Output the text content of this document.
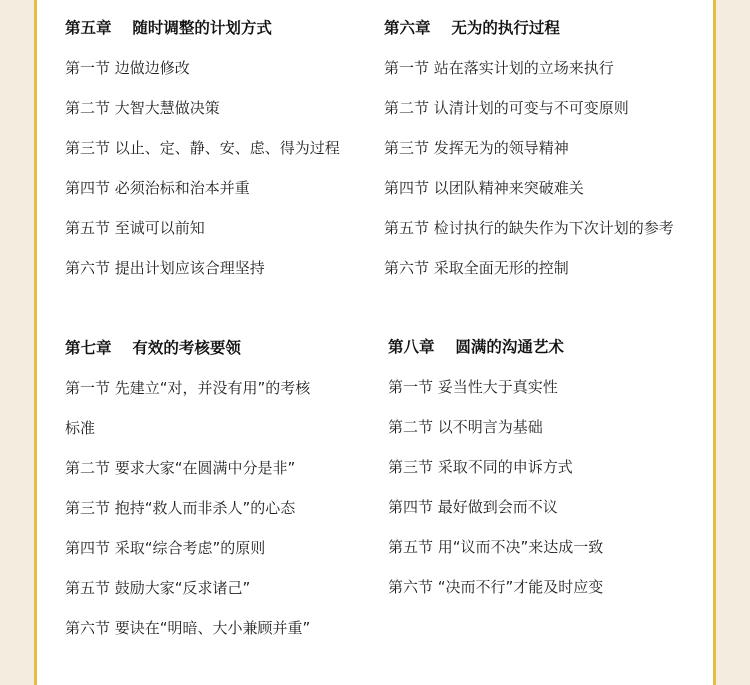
第五章　 随时调整的计划方式
第一节 边做边修改
第二节 大智大慧做决策
第三节 以止、定、静、安、虑、得为过程
第四节 必须治标和治本并重
第五节 至诚可以前知
第六节 提出计划应该合理坚持
第六章　 无为的执行过程
第一节 站在落实计划的立场来执行
第二节 认清计划的可变与不可变原则
第三节 发挥无为的领导精神
第四节 以团队精神来突破难关
第五节 检讨执行的缺失作为下次计划的参考
第六节 采取全面无形的控制
第七章　 有效的考核要领
第一节 先建立“对，并没有用”的考核
标准
第二节 要求大家“在圆满中分是非”
第三节 抱持“救人而非杀人”的心态
第四节 采取“综合考虑”的原则
第五节 鼓励大家“反求诸己”
第六节 要诀在“明暗、大小兼顾并重”
第八章　 圆满的沟通艺术
第一节 妥当性大于真实性
第二节 以不明言为基础
第三节 采取不同的申诉方式
第四节 最好做到会而不议
第五节 用“议而不决”来达成一致
第六节 “决而不行”才能及时应变
